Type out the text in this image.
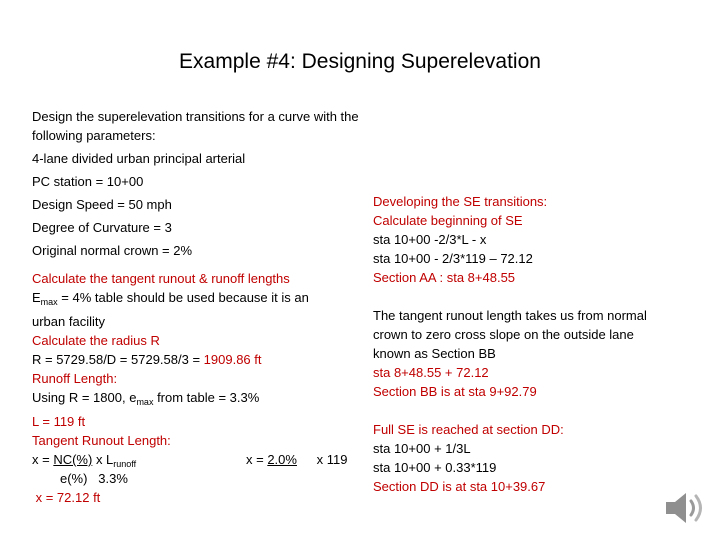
Example #4: Designing Superelevation
Design the superelevation transitions for a curve with the
following parameters:
4-lane divided urban principal arterial
PC station = 10+00
Design Speed = 50 mph
Degree of Curvature = 3
Original normal crown = 2%
Calculate the tangent runout & runoff lengths
$E_{max} = 4\%$ table should be used because it is an
urban facility
Calculate the radius R
R = 5729.58/D = 5729.58/3 = 1909.86 ft
Runoff Length:
Using R = 1800, $e_{max}$ from table = 3.3%
L = 119 ft
Tangent Runout Length:
x = NC(%) x $L_{runoff}$	x = 2.0% x 119
e(%)   3.3%
x = 72.12 ft
Developing the SE transitions:
Calculate beginning of SE
sta 10+00 -2/3*L - x
sta 10+00 - 2/3*119 – 72.12
Section AA : sta 8+48.55
The tangent runout length takes us from normal
crown to zero cross slope on the outside lane
known as Section BB
sta 8+48.55 + 72.12
Section BB is at sta 9+92.79
Full SE is reached at section DD:
sta 10+00 + 1/3L
sta 10+00 + 0.33*119
Section DD is at sta 10+39.67
